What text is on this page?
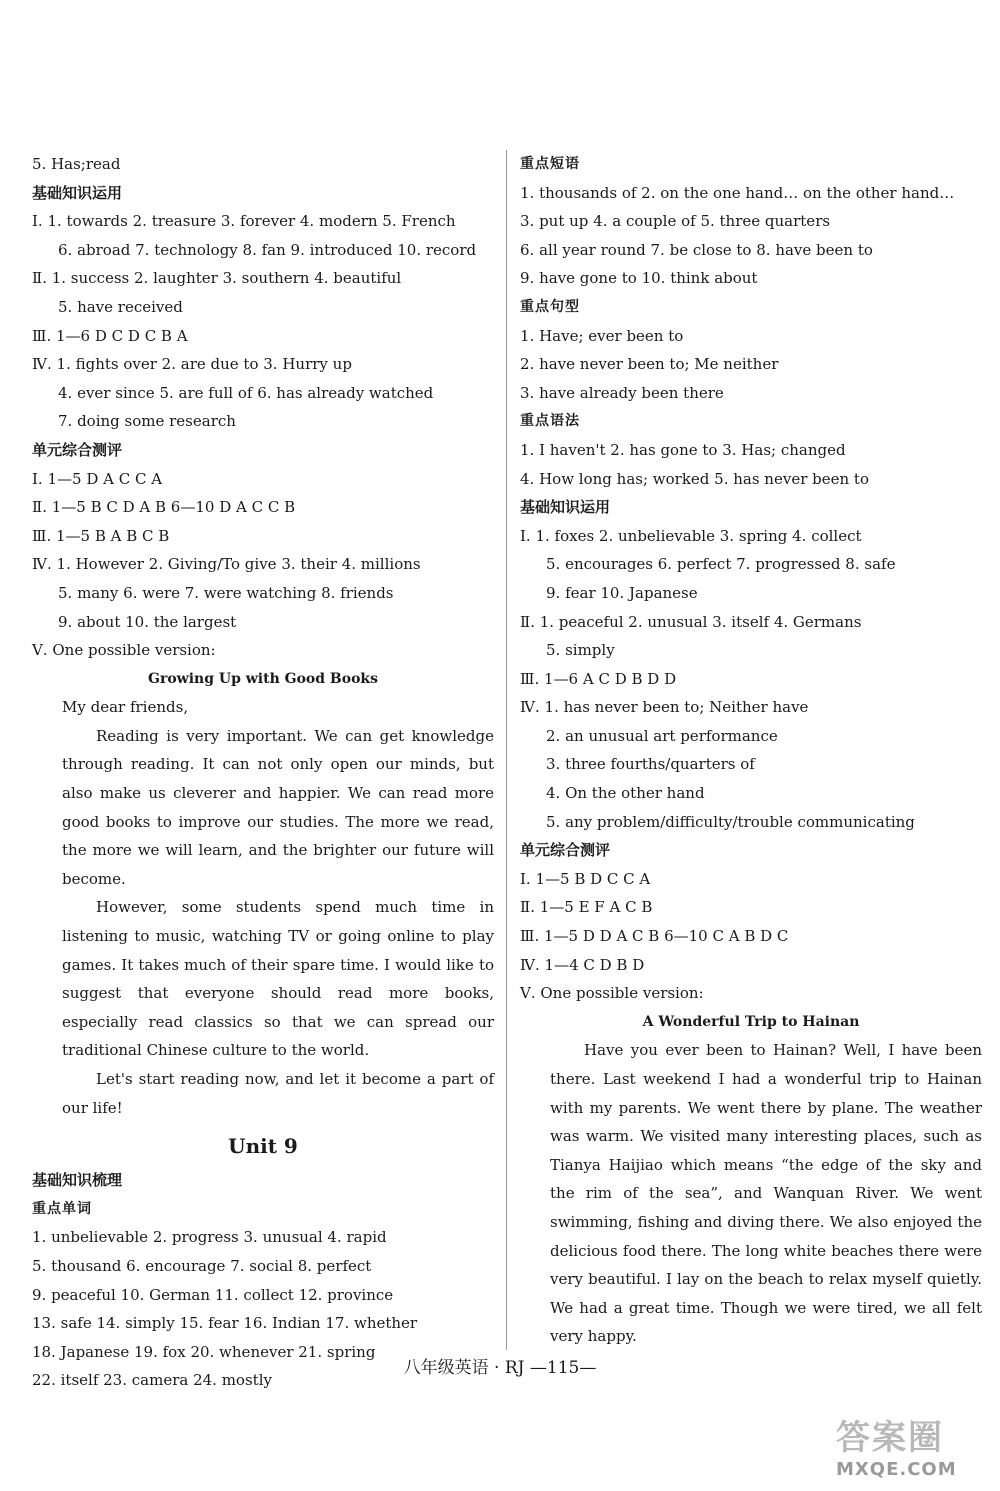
5. Has;read
基础知识运用
Ⅰ. 1. towards 2. treasure 3. forever 4. modern 5. French
6. abroad 7. technology 8. fan 9. introduced 10. record
Ⅱ. 1. success 2. laughter 3. southern 4. beautiful
5. have received
Ⅲ. 1—6 D C D C B A
Ⅳ. 1. fights over 2. are due to 3. Hurry up
4. ever since 5. are full of 6. has already watched
7. doing some research
单元综合测评
Ⅰ. 1—5 D A C C A
Ⅱ. 1—5 B C D A B 6—10 D A C C B
Ⅲ. 1—5 B A B C B
Ⅳ. 1. However 2. Giving/To give 3. their 4. millions
5. many 6. were 7. were watching 8. friends
9. about 10. the largest
Ⅴ. One possible version:
Growing Up with Good Books
My dear friends,
Reading is very important. We can get knowledge through reading. It can not only open our minds, but also make us cleverer and happier. We can read more good books to improve our studies. The more we read, the more we will learn, and the brighter our future will become.
However, some students spend much time in listening to music, watching TV or going online to play games. It takes much of their spare time. I would like to suggest that everyone should read more books, especially read classics so that we can spread our traditional Chinese culture to the world.
Let's start reading now, and let it become a part of our life!
Unit 9
基础知识梳理
重点单词
1. unbelievable 2. progress 3. unusual 4. rapid
5. thousand 6. encourage 7. social 8. perfect
9. peaceful 10. German 11. collect 12. province
13. safe 14. simply 15. fear 16. Indian 17. whether
18. Japanese 19. fox 20. whenever 21. spring
22. itself 23. camera 24. mostly
重点短语
1. thousands of 2. on the one hand… on the other hand…
3. put up 4. a couple of 5. three quarters
6. all year round 7. be close to 8. have been to
9. have gone to 10. think about
重点句型
1. Have; ever been to
2. have never been to; Me neither
3. have already been there
重点语法
1. I haven't 2. has gone to 3. Has; changed
4. How long has; worked 5. has never been to
基础知识运用
Ⅰ. 1. foxes 2. unbelievable 3. spring 4. collect
5. encourages 6. perfect 7. progressed 8. safe
9. fear 10. Japanese
Ⅱ. 1. peaceful 2. unusual 3. itself 4. Germans
5. simply
Ⅲ. 1—6 A C D B D D
Ⅳ. 1. has never been to; Neither have
2. an unusual art performance
3. three fourths/quarters of
4. On the other hand
5. any problem/difficulty/trouble communicating
单元综合测评
Ⅰ. 1—5 B D C C A
Ⅱ. 1—5 E F A C B
Ⅲ. 1—5 D D A C B 6—10 C A B D C
Ⅳ. 1—4 C D B D
Ⅴ. One possible version:
A Wonderful Trip to Hainan
Have you ever been to Hainan? Well, I have been there. Last weekend I had a wonderful trip to Hainan with my parents. We went there by plane. The weather was warm. We visited many interesting places, such as Tianya Haijiao which means “the edge of the sky and the rim of the sea”, and Wanquan River. We went swimming, fishing and diving there. We also enjoyed the delicious food there. The long white beaches there were very beautiful. I lay on the beach to relax myself quietly. We had a great time. Though we were tired, we all felt very happy.
八年级英语 · RJ —115—
答案圈
MXQE.COM
